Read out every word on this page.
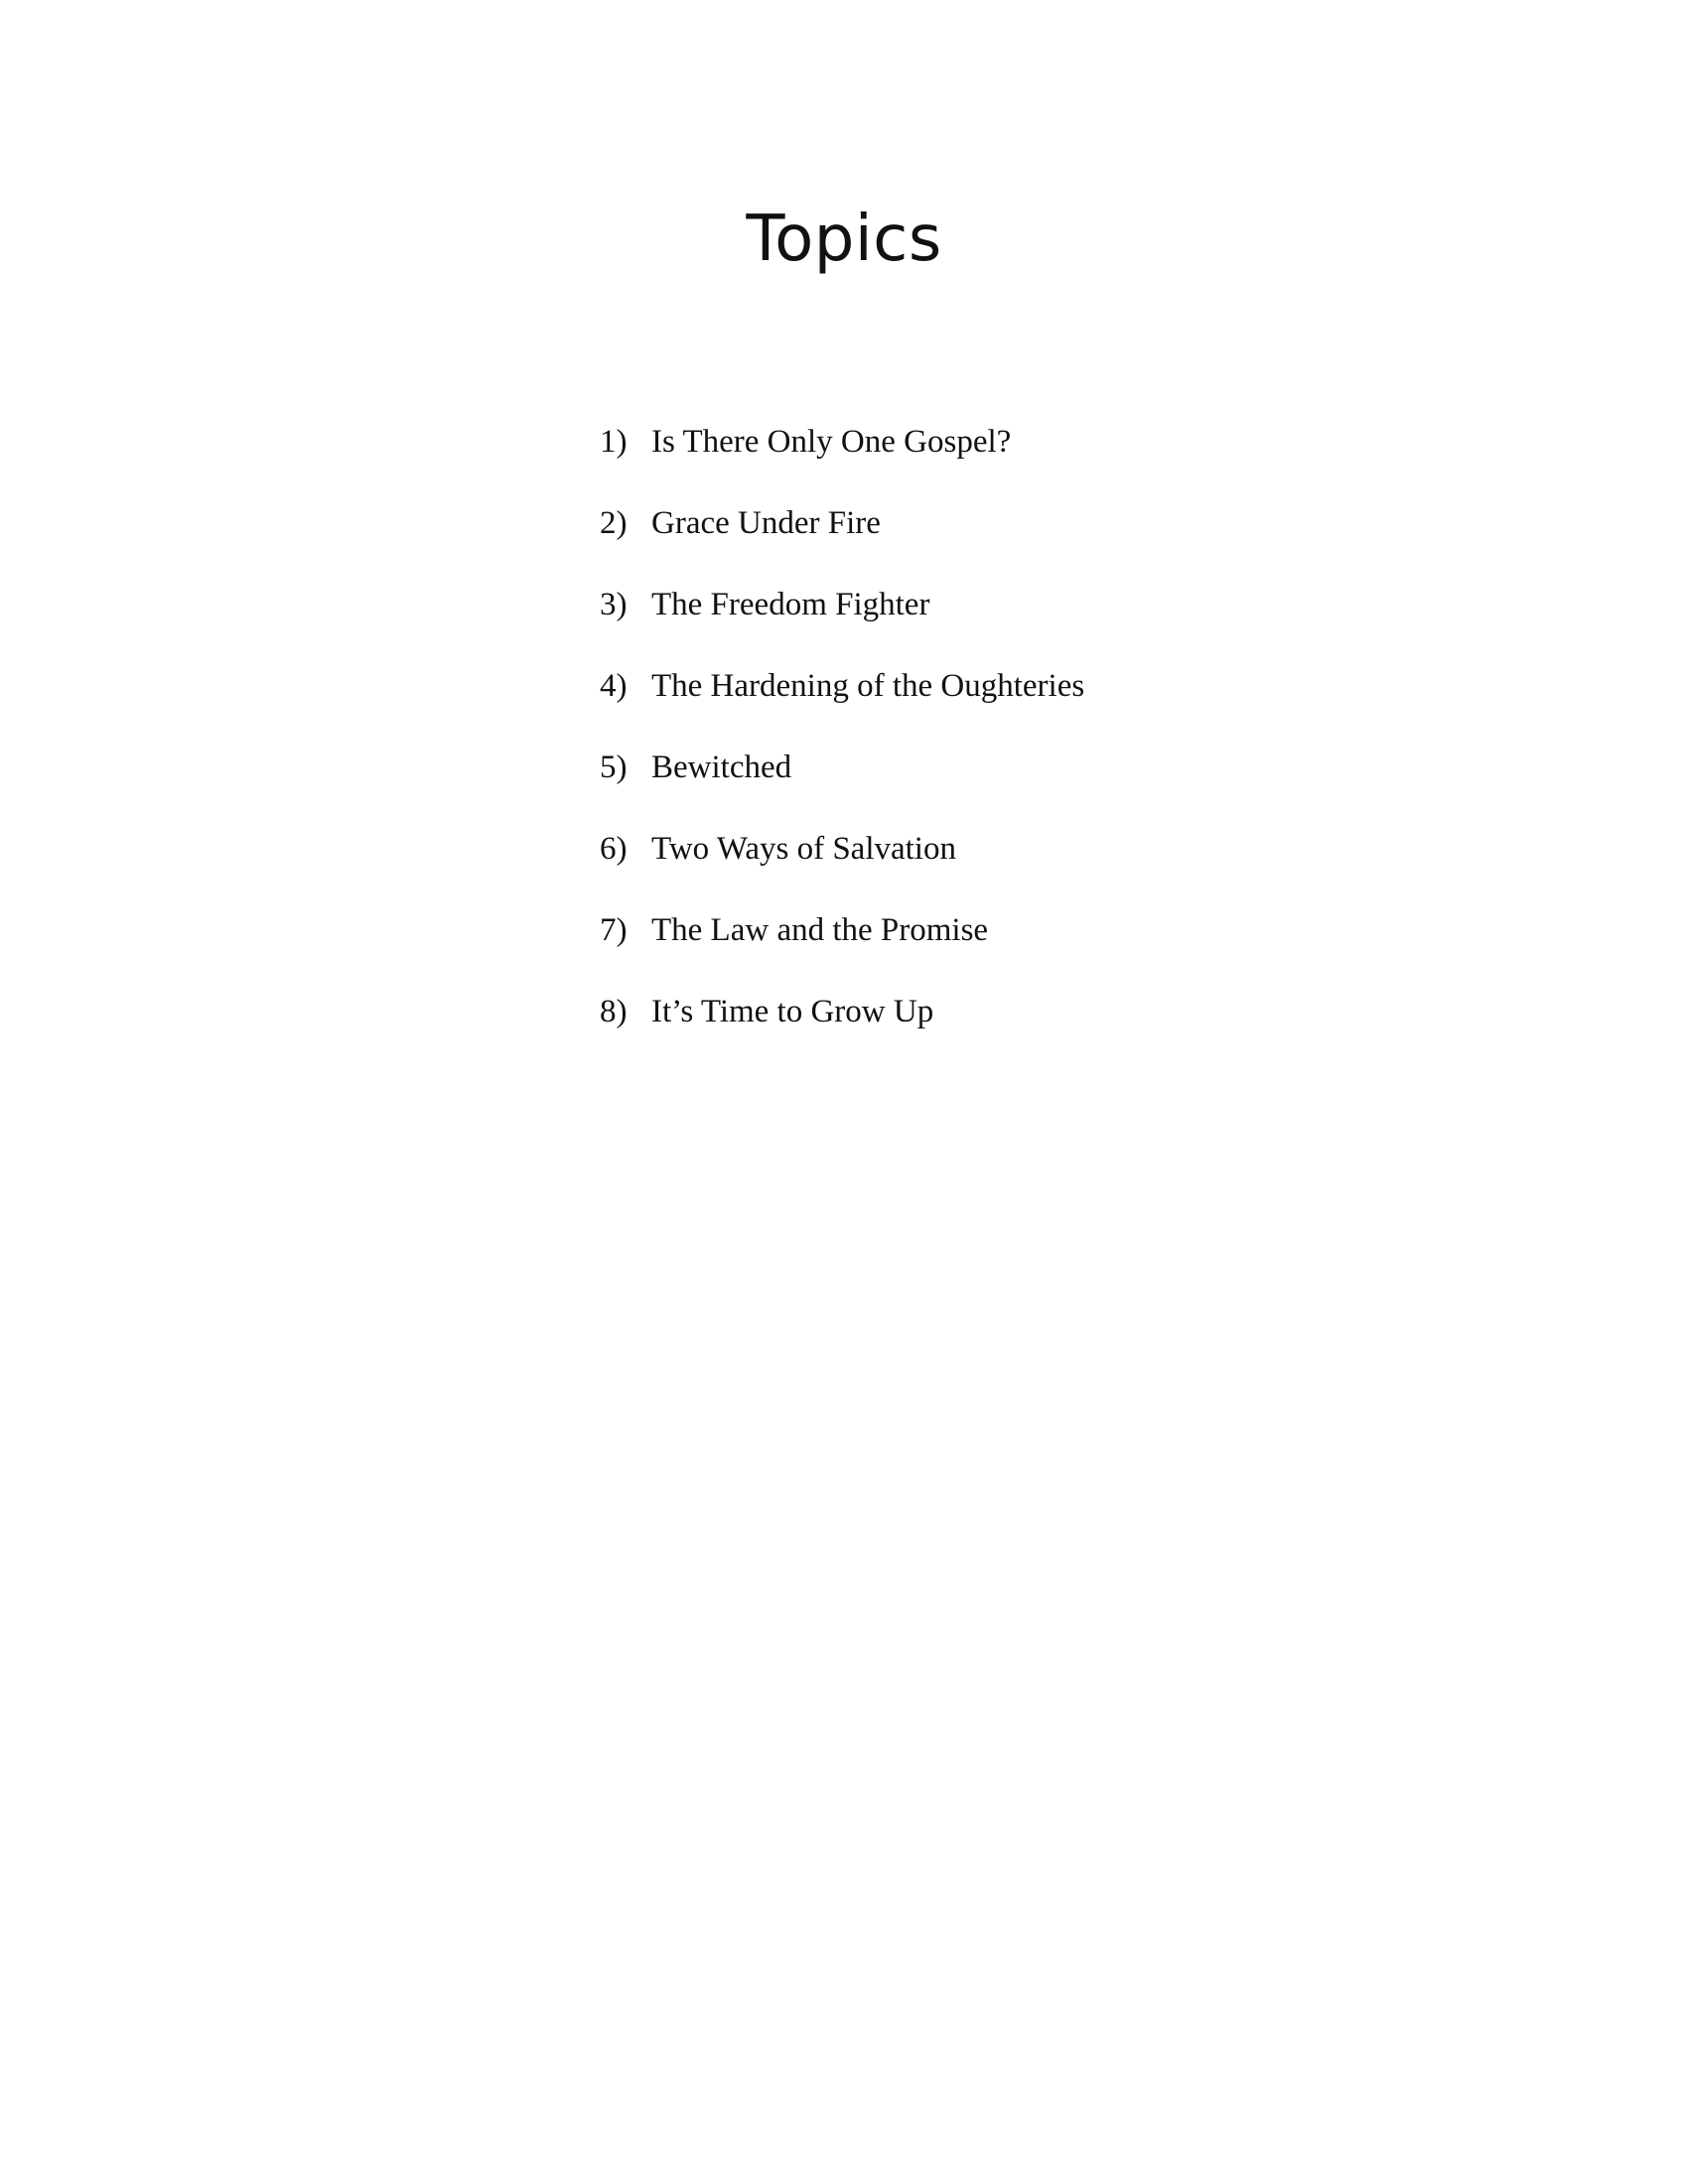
Topics
1) Is There Only One Gospel?
2) Grace Under Fire
3) The Freedom Fighter
4) The Hardening of the Oughteries
5) Bewitched
6) Two Ways of Salvation
7) The Law and the Promise
8) It’s Time to Grow Up
